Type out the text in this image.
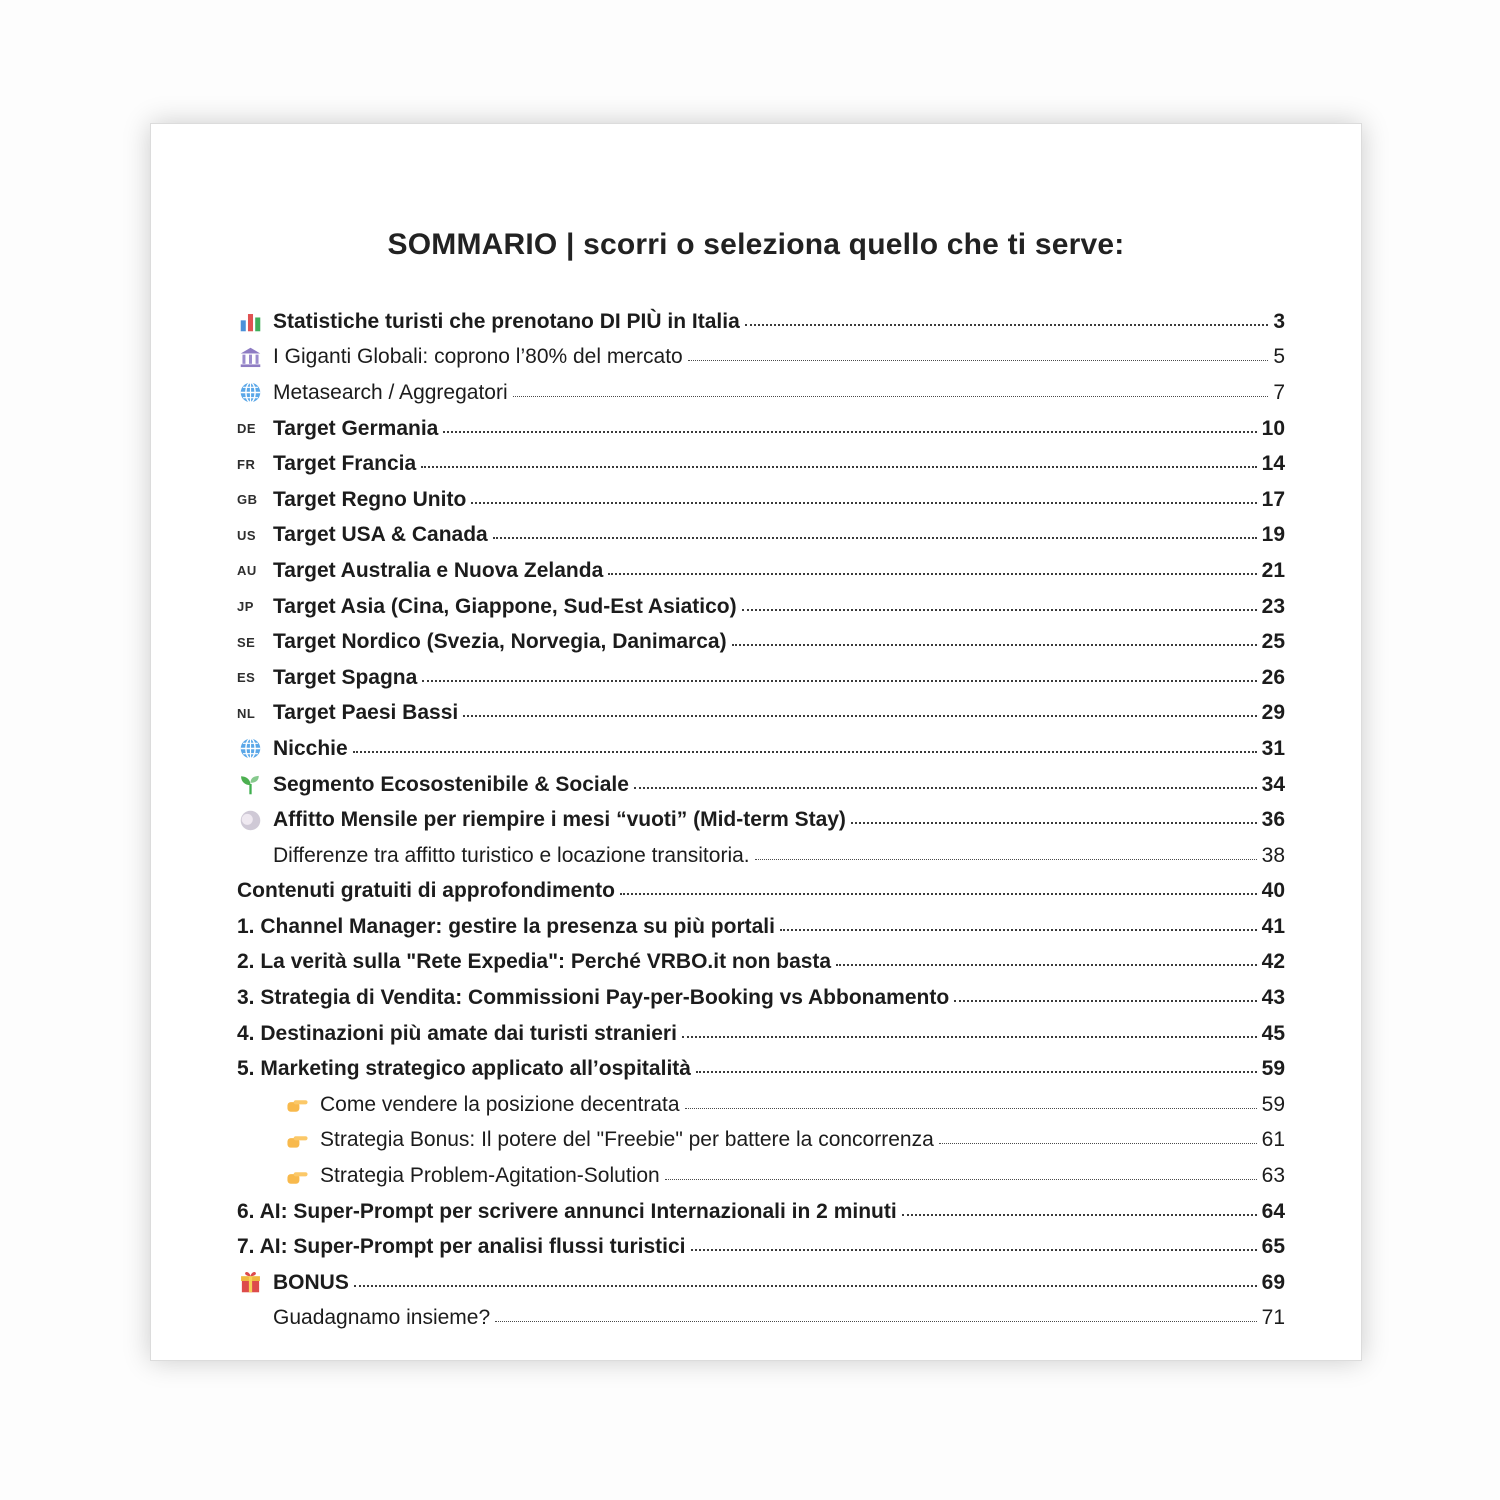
SOMMARIO | scorri o seleziona quello che ti serve:
Statistiche turisti che prenotano DI PIÙ in Italia	3
I Giganti Globali: coprono l’80% del mercato	5
Metasearch / Aggregatori	7
DE Target Germania	10
FR Target Francia	14
GB Target Regno Unito	17
US Target USA & Canada	19
AU Target Australia e Nuova Zelanda	21
JP Target Asia (Cina, Giappone, Sud-Est Asiatico)	23
SE Target Nordico (Svezia, Norvegia, Danimarca)	25
ES Target Spagna	26
NL Target Paesi Bassi	29
Nicchie	31
Segmento Ecosostenibile & Sociale	34
Affitto Mensile per riempire i mesi “vuoti” (Mid-term Stay)	36
Differenze tra affitto turistico e locazione transitoria.	38
Contenuti gratuiti di approfondimento	40
1. Channel Manager: gestire la presenza su più portali	41
2. La verità sulla "Rete Expedia": Perché VRBO.it non basta	42
3. Strategia di Vendita: Commissioni Pay-per-Booking vs Abbonamento	43
4. Destinazioni più amate dai turisti stranieri	45
5. Marketing strategico applicato all’ospitalità	59
Come vendere la posizione decentrata	59
Strategia Bonus: Il potere del "Freebie" per battere la concorrenza	61
Strategia Problem-Agitation-Solution	63
6. AI: Super-Prompt per scrivere annunci Internazionali in 2 minuti	64
7. AI: Super-Prompt per analisi flussi turistici	65
BONUS	69
Guadagnamo insieme?	71
